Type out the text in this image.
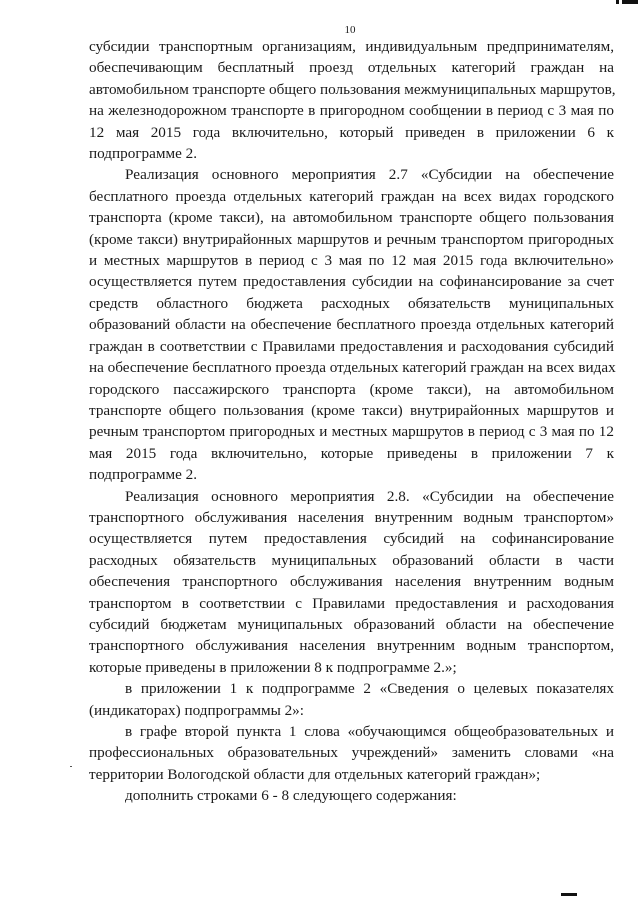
10

субсидии транспортным организациям, индивидуальным предпринимателям,
обеспечивающим бесплатный проезд отдельных категорий граждан на
автомобильном транспорте общего пользования межмуниципальных маршрутов,
на железнодорожном транспорте в пригородном сообщении в период с 3 мая по
12 мая 2015 года включительно, который приведен в приложении 6 к
подпрограмме 2.

Реализация основного мероприятия 2.7 «Субсидии на обеспечение
бесплатного проезда отдельных категорий граждан на всех видах городского
транспорта (кроме такси), на автомобильном транспорте общего пользования
(кроме такси) внутрирайонных маршрутов и речным транспортом пригородных
и местных маршрутов в период с 3 мая по 12 мая 2015 года включительно»
осуществляется путем предоставления субсидии на софинансирование за счет
средств областного бюджета расходных обязательств муниципальных
образований области на обеспечение бесплатного проезда отдельных категорий
граждан в соответствии с Правилами предоставления и расходования субсидий
на обеспечение бесплатного проезда отдельных категорий граждан на всех видах
городского пассажирского транспорта (кроме такси), на автомобильном
транспорте общего пользования (кроме такси) внутрирайонных маршрутов и
речным транспортом пригородных и местных маршрутов в период с 3 мая по 12
мая 2015 года включительно, которые приведены в приложении 7 к
подпрограмме 2.

Реализация основного мероприятия 2.8. «Субсидии на обеспечение
транспортного обслуживания населения внутренним водным транспортом»
осуществляется путем предоставления субсидий на софинансирование
расходных обязательств муниципальных образований области в части
обеспечения транспортного обслуживания населения внутренним водным
транспортом в соответствии с Правилами предоставления и расходования
субсидий бюджетам муниципальных образований области на обеспечение
транспортного обслуживания населения внутренним водным транспортом,
которые приведены в приложении 8 к подпрограмме 2.»;

в приложении 1 к подпрограмме 2 «Сведения о целевых показателях
(индикаторах) подпрограммы 2»:

в графе второй пункта 1 слова «обучающимся общеобразовательных и
профессиональных образовательных учреждений» заменить словами «на
территории Вологодской области для отдельных категорий граждан»;

дополнить строками 6 - 8 следующего содержания:
